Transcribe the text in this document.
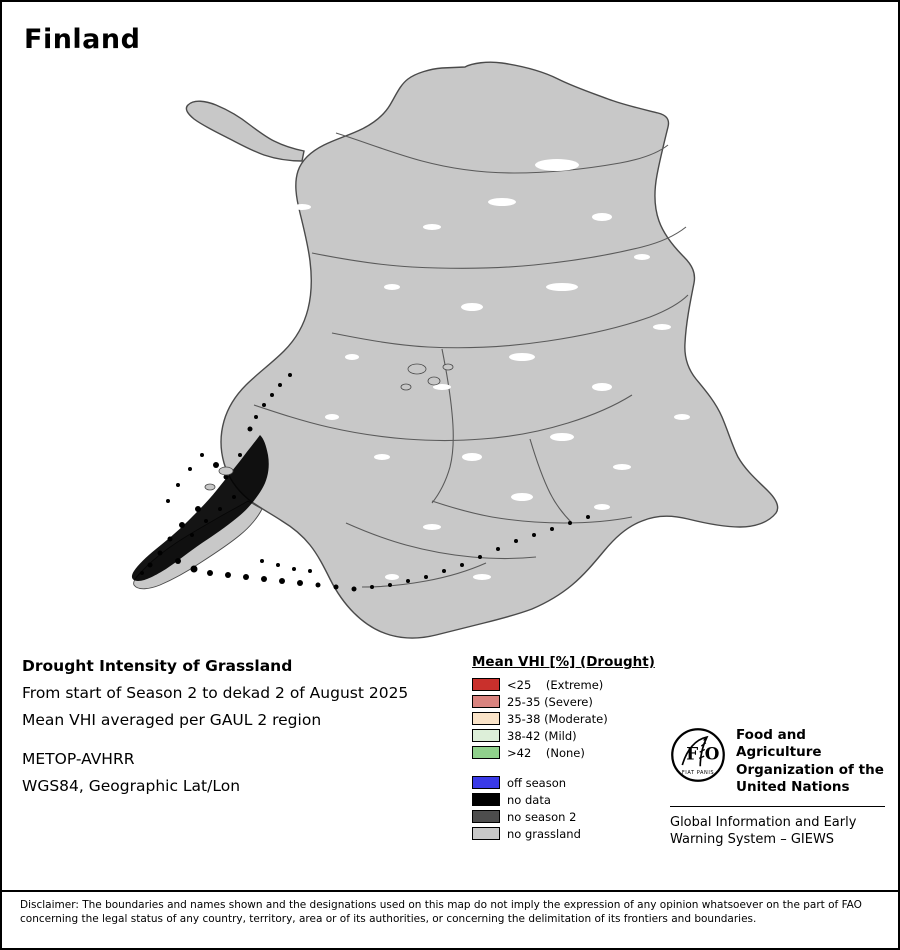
Finland
Drought Intensity of Grassland
From start of Season 2 to dekad 2 of August 2025
Mean VHI averaged per GAUL 2 region
METOP-AVHRR
WGS84, Geographic Lat/Lon
Mean VHI [%] (Drought)
<25    (Extreme)
25-35 (Severe)
35-38 (Moderate)
38-42 (Mild)
>42    (None)
off season
no data
no season 2
no grassland
F O
FIAT PANIS
Food and Agriculture
Organization of the
United Nations
Global Information and Early
Warning System – GIEWS
Disclaimer: The boundaries and names shown and the designations used on this map do not imply the expression of any opinion whatsoever on the part of FAO concerning the legal status of any country, territory, area or of its authorities, or concerning the delimitation of its frontiers and boundaries.
